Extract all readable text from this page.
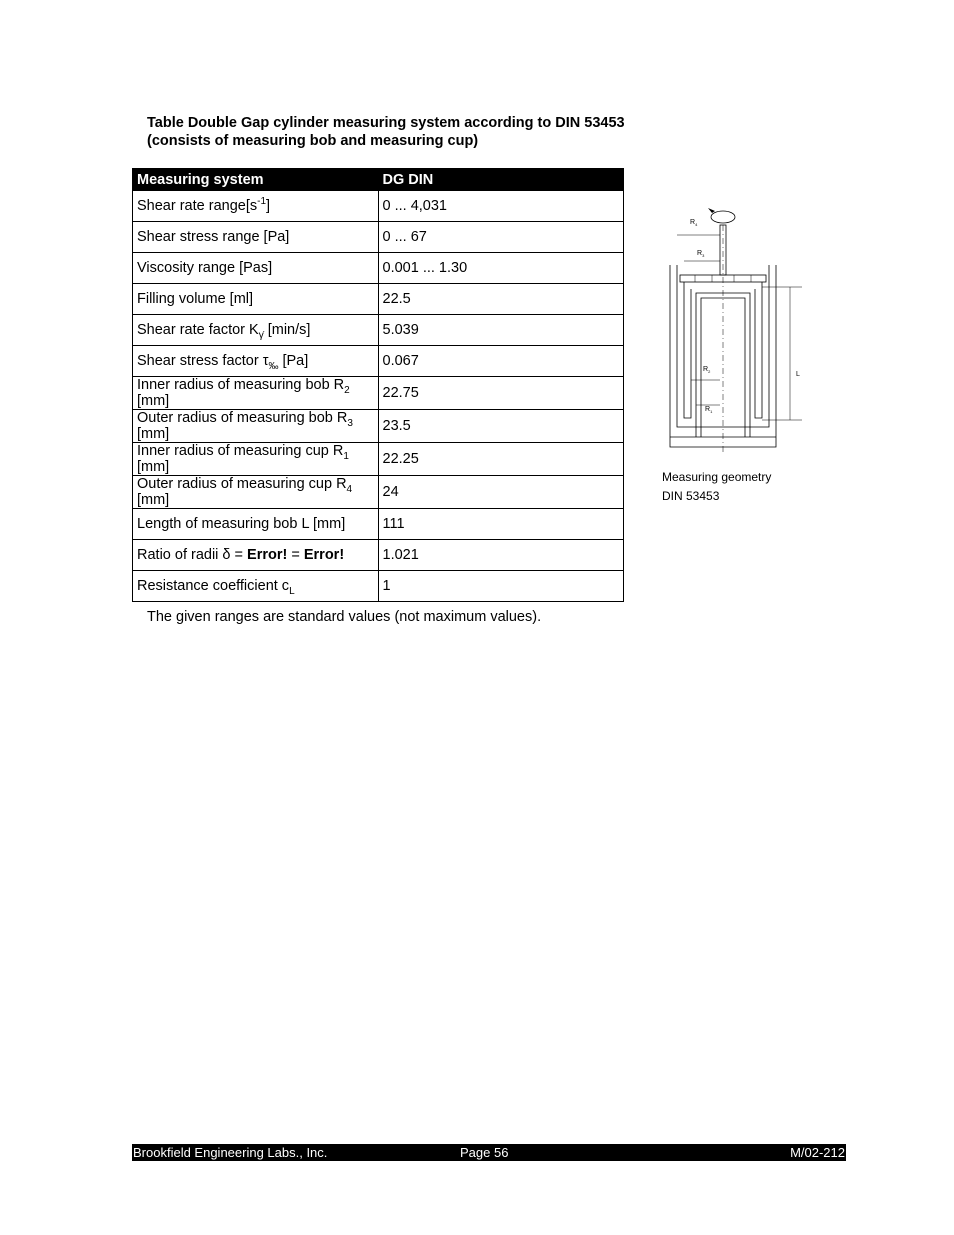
Table Double Gap cylinder measuring system according to DIN 53453
(consists of measuring bob and measuring cup)
Measuring system	DG DIN
Shear rate $range[s^{-1}]$	0 ... 4,031
Shear stress range [Pa]	0 ... 67
Viscosity range [Pas]	0.001 ... 1.30
Filling volume [ml]	22.5
Shear rate factor $K_{\gammȧ}$ [min/s]	5.039
Shear stress factor $\tau_‰$ [Pa]	0.067
Inner radius of measuring bob $R_2$ [mm]	22.75
Outer radius of measuring bob $R_3$ [mm]	23.5
Inner radius of measuring cup $R_1$ [mm]	22.25
Outer radius of measuring cup $R_4$ [mm]	24
Length of measuring bob L [mm]	111
Ratio of radii δ = Error! = Error!	1.021
Resistance coefficient $c_L$	1
The given ranges are standard values (not maximum values).
$R_4$
$R_3$
$R_2$
$R_1$
L
Measuring geometry
DIN 53453
Brookfield Engineering Labs., Inc.	Page 56	M/02-212
